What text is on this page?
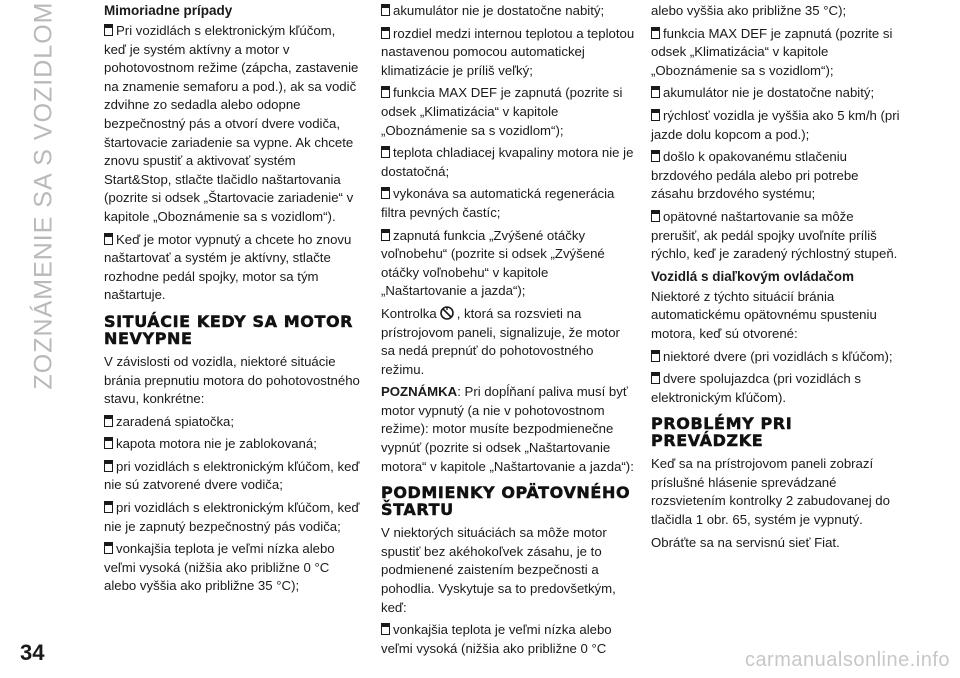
ZOZNÁMENIE SA S VOZIDLOM	Mimoriadne prípady

Pri vozidlách s elektronickým kľúčom, keď je systém aktívny a motor v pohotovostnom režime (zápcha, zastavenie na znamenie semaforu a pod.), ak sa vodič zdvihne zo sedadla alebo odopne bezpečnostný pás a otvorí dvere vodiča, štartovacie zariadenie sa vypne. Ak chcete znovu spustiť a aktivovať systém Start&Stop, stlačte tlačidlo naštartovania (pozrite si odsek „Štartovacie zariadenie“ v kapitole „Oboznámenie sa s vozidlom“).

Keď je motor vypnutý a chcete ho znovu naštartovať a systém je aktívny, stlačte rozhodne pedál spojky, motor sa tým naštartuje.

SITUÁCIE KEDY SA MOTOR NEVYPNE

V závislosti od vozidla, niektoré situácie bránia prepnutiu motora do pohotovostného stavu, konkrétne:

zaradená spiatočka;

kapota motora nie je zablokovaná;

pri vozidlách s elektronickým kľúčom, keď nie sú zatvorené dvere vodiča;

pri vozidlách s elektronickým kľúčom, keď nie je zapnutý bezpečnostný pás vodiča;

vonkajšia teplota je veľmi nízka alebo veľmi vysoká (nižšia ako približne 0 °C alebo vyššia ako približne 35 °C);

akumulátor nie je dostatočne nabitý;

rozdiel medzi internou teplotou a teplotou nastavenou pomocou automatickej klimatizácie je príliš veľký;

funkcia MAX DEF je zapnutá (pozrite si odsek „Klimatizácia“ v kapitole „Oboznámenie sa s vozidlom“);

teplota chladiacej kvapaliny motora nie je dostatočná;

vykonáva sa automatická regenerácia filtra pevných častíc;

zapnutá funkcia „Zvýšené otáčky voľnobehu“ (pozrite si odsek „Zvýšené otáčky voľnobehu“ v kapitole „Naštartovanie a jazda“);

Kontrolka , ktorá sa rozsvieti na prístrojovom paneli, signalizuje, že motor sa nedá prepnúť do pohotovostného režimu.

POZNÁMKA: Pri dopĺňaní paliva musí byť motor vypnutý (a nie v pohotovostnom režime): motor musíte bezpodmienečne vypnúť (pozrite si odsek „Naštartovanie motora“ v kapitole „Naštartovanie a jazda“):

PODMIENKY OPÄTOVNÉHO ŠTARTU

V niektorých situáciách sa môže motor spustiť bez akéhokoľvek zásahu, je to podmienené zaistením bezpečnosti a pohodlia. Vyskytuje sa to predovšetkým, keď:

vonkajšia teplota je veľmi nízka alebo veľmi vysoká (nižšia ako približne 0 °C

alebo vyššia ako približne 35 °C);

funkcia MAX DEF je zapnutá (pozrite si odsek „Klimatizácia“ v kapitole „Oboznámenie sa s vozidlom“);

akumulátor nie je dostatočne nabitý;

rýchlosť vozidla je vyššia ako 5 km/h (pri jazde dolu kopcom a pod.);

došlo k opakovanému stlačeniu brzdového pedála alebo pri potrebe zásahu brzdového systému;

opätovné naštartovanie sa môže prerušiť, ak pedál spojky uvoľníte príliš rýchlo, keď je zaradený rýchlostný stupeň.

Vozidlá s diaľkovým ovládačom

Niektoré z týchto situácií bránia automatickému opätovnému spusteniu motora, keď sú otvorené:

niektoré dvere (pri vozidlách s kľúčom);

dvere spolujazdca (pri vozidlách s elektronickým kľúčom).

PROBLÉMY PRI PREVÁDZKE

Keď sa na prístrojovom paneli zobrazí príslušné hlásenie sprevádzané rozsvietením kontrolky 2 zabudovanej do tlačidla 1 obr. 65, systém je vypnutý.

Obráťte sa na servisnú sieť Fiat.

34	carmanualsonline.info
